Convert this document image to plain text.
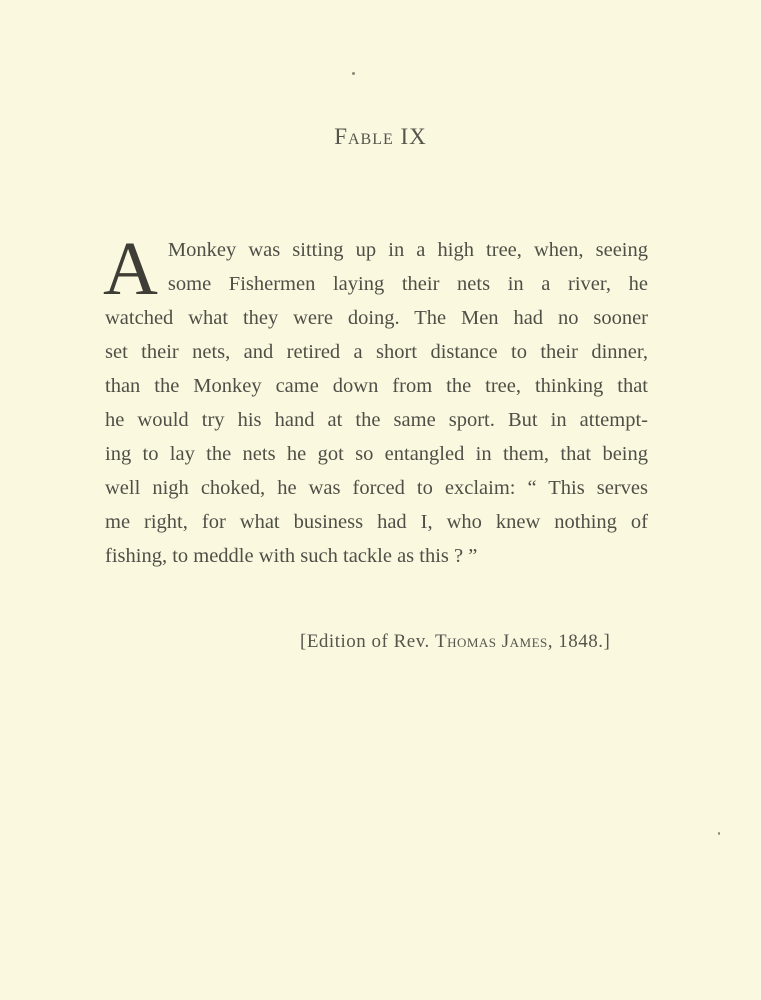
Fable IX
A Monkey was sitting up in a high tree, when, seeing
some Fishermen laying their nets in a river, he
watched what they were doing. The Men had no sooner
set their nets, and retired a short distance to their dinner,
than the Monkey came down from the tree, thinking that
he would try his hand at the same sport. But in attempt-
ing to lay the nets he got so entangled in them, that being
well nigh choked, he was forced to exclaim: “ This serves
me right, for what business had I, who knew nothing of
fishing, to meddle with such tackle as this ? ”
[Edition of Rev. Thomas James, 1848.]
